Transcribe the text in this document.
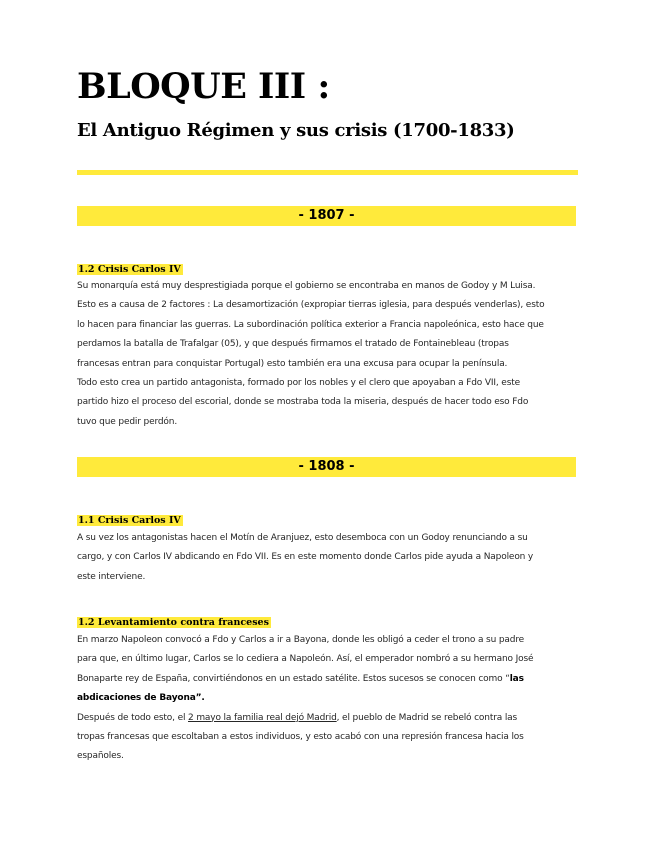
BLOQUE III :
El Antiguo Régimen y sus crisis (1700-1833)
- 1807 -
1.2 Crisis Carlos IV
Su monarquía está muy desprestigiada porque el gobierno se encontraba en manos de Godoy y M Luisa.
Esto es a causa de 2 factores : La desamortización (expropiar tierras iglesia, para después venderlas), esto
lo hacen para financiar las guerras. La subordinación política exterior a Francia napoleónica, esto hace que
perdamos la batalla de Trafalgar (05), y que después firmamos el tratado de Fontainebleau (tropas
francesas entran para conquistar Portugal) esto también era una excusa para ocupar la península.
Todo esto crea un partido antagonista, formado por los nobles y el clero que apoyaban a Fdo VII, este
partido hizo el proceso del escorial, donde se mostraba toda la miseria, después de hacer todo eso Fdo
tuvo que pedir perdón.
- 1808 -
1.1 Crisis Carlos IV
A su vez los antagonistas hacen el Motín de Aranjuez, esto desemboca con un Godoy renunciando a su
cargo, y con Carlos IV abdicando en Fdo VII. Es en este momento donde Carlos pide ayuda a Napoleon y
este interviene.
1.2 Levantamiento contra franceses
En marzo Napoleon convocó a Fdo y Carlos a ir a Bayona, donde les obligó a ceder el trono a su padre
para que, en último lugar, Carlos se lo cediera a Napoleón. Así, el emperador nombró a su hermano José
Bonaparte rey de España, convirtiéndonos en un estado satélite. Estos sucesos se conocen como “las
abdicaciones de Bayona”.
Después de todo esto, el 2 mayo la familia real dejó Madrid, el pueblo de Madrid se rebeló contra las
tropas francesas que escoltaban a estos individuos, y esto acabó con una represión francesa hacia los
españoles.
